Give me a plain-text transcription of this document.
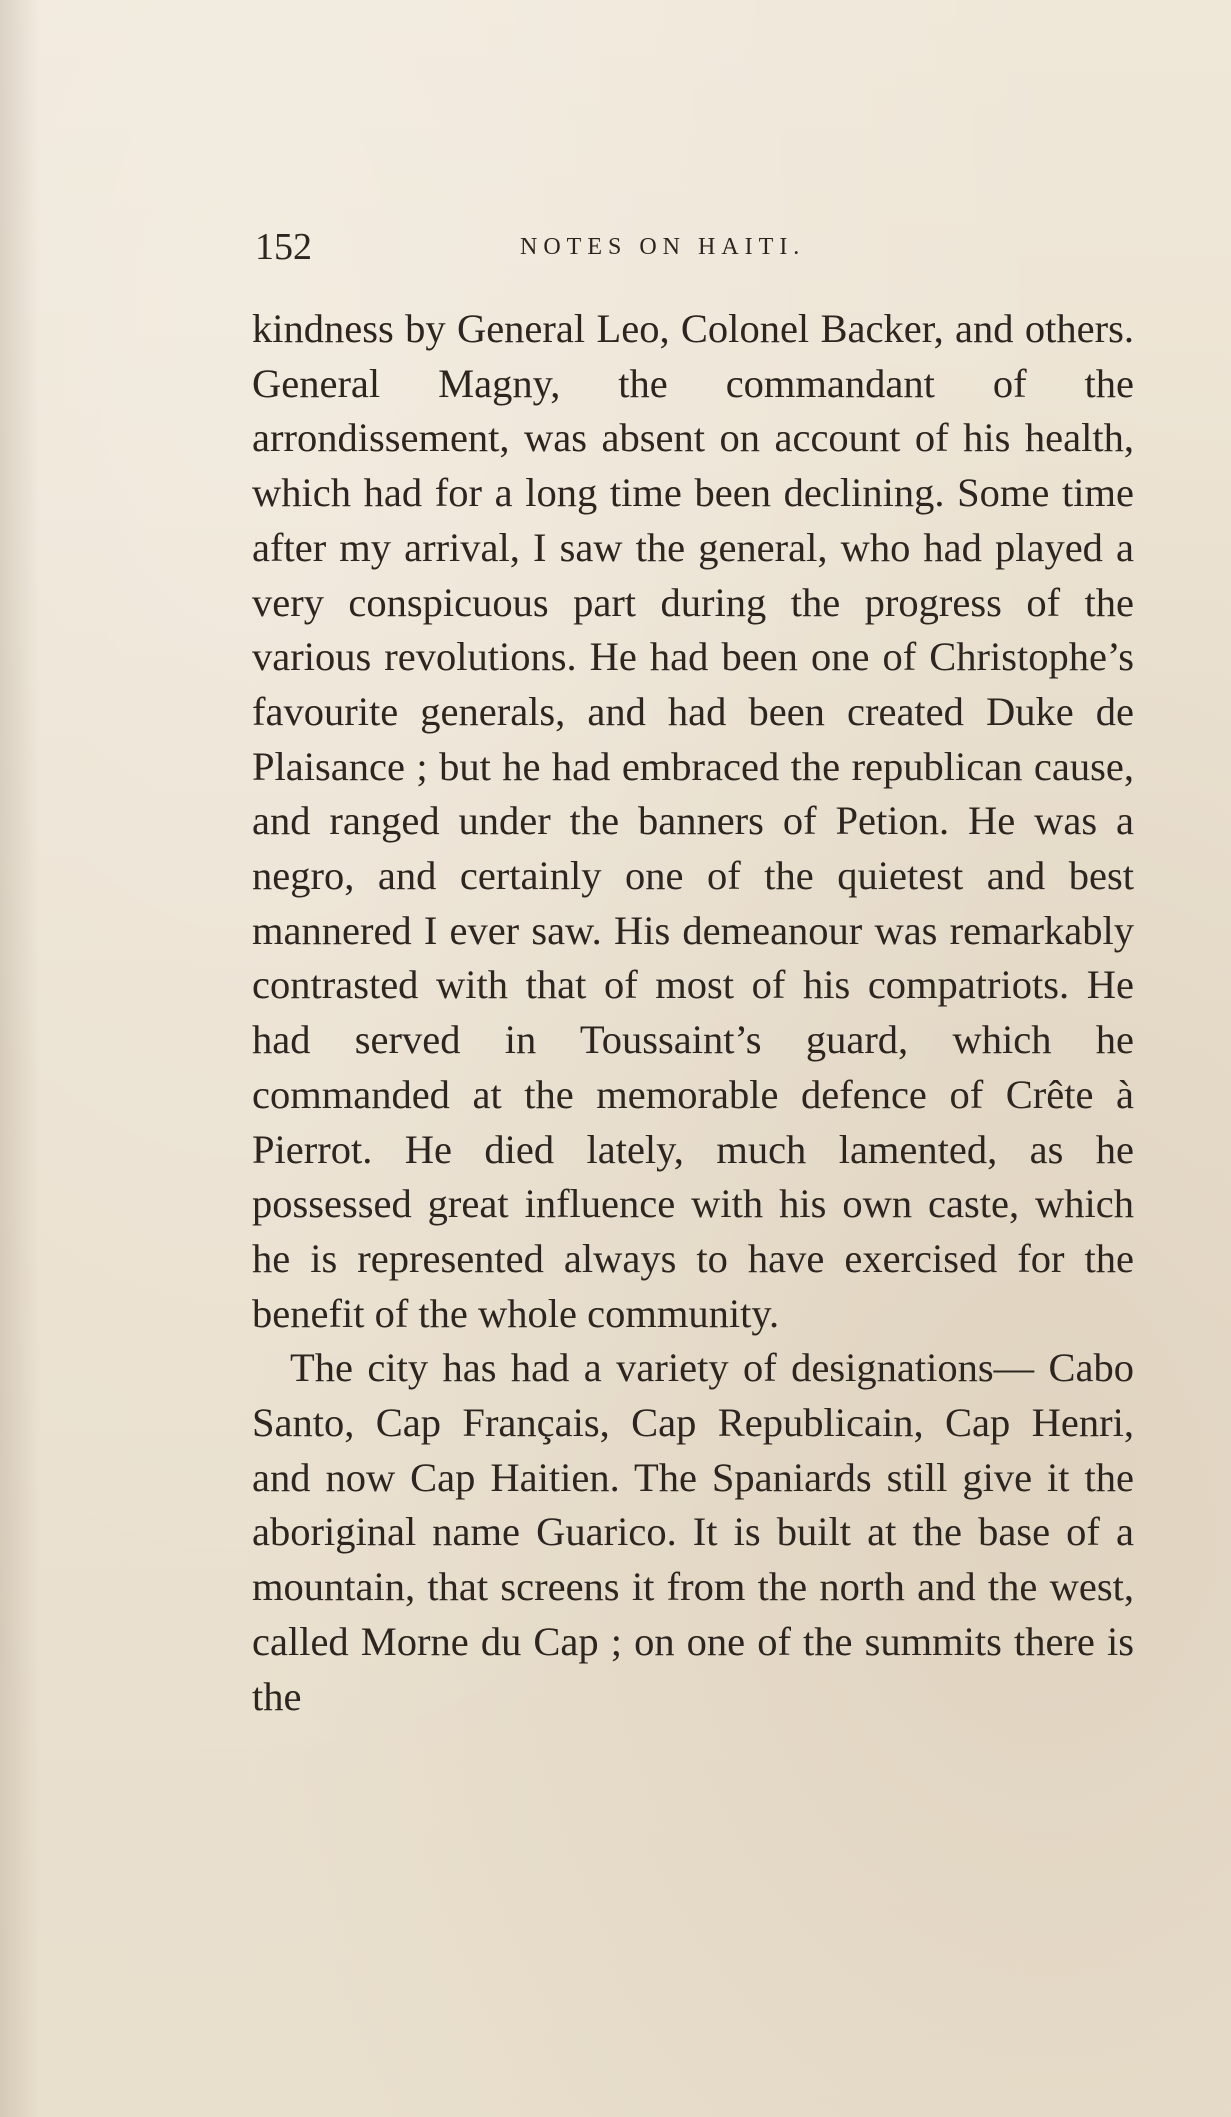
152	NOTES ON HAITI.

kindness by General Leo, Colonel Backer, and others. General Magny, the commandant of the arrondissement, was absent on account of his health, which had for a long time been declining. Some time after my arrival, I saw the general, who had played a very conspicuous part during the progress of the various revolutions. He had been one of Christophe’s favourite generals, and had been created Duke de Plaisance ; but he had embraced the republican cause, and ranged under the banners of Petion. He was a negro, and certainly one of the quietest and best mannered I ever saw. His demeanour was remarkably contrasted with that of most of his compatriots. He had served in Toussaint’s guard, which he commanded at the memorable defence of Crête à Pierrot. He died lately, much lamented, as he possessed great influence with his own caste, which he is represented always to have exercised for the benefit of the whole community.

The city has had a variety of designations— Cabo Santo, Cap Français, Cap Republicain, Cap Henri, and now Cap Haitien. The Spaniards still give it the aboriginal name Guarico. It is built at the base of a mountain, that screens it from the north and the west, called Morne du Cap ; on one of the summits there is the
